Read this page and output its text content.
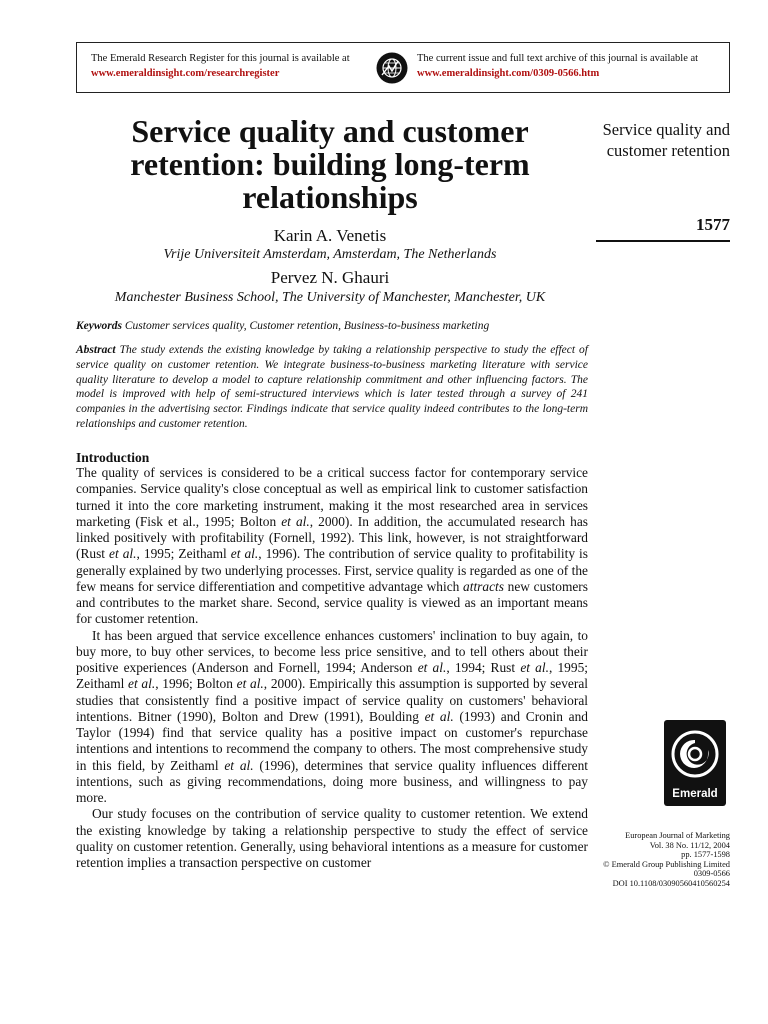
The Emerald Research Register for this journal is available at
www.emeraldinsight.com/researchregister
The current issue and full text archive of this journal is available at
www.emeraldinsight.com/0309-0566.htm
Service quality and customer retention: building long-term relationships
Karin A. Venetis
Vrije Universiteit Amsterdam, Amsterdam, The Netherlands
Pervez N. Ghauri
Manchester Business School, The University of Manchester, Manchester, UK
Service quality and customer retention
1577
Keywords Customer services quality, Customer retention, Business-to-business marketing
Abstract The study extends the existing knowledge by taking a relationship perspective to study the effect of service quality on customer retention. We integrate business-to-business marketing literature with service quality literature to develop a model to capture relationship commitment and other influencing factors. The model is improved with help of semi-structured interviews which is later tested through a survey of 241 companies in the advertising sector. Findings indicate that service quality indeed contributes to the long-term relationships and customer retention.
Introduction

The quality of services is considered to be a critical success factor for contemporary service companies. Service quality's close conceptual as well as empirical link to customer satisfaction turned it into the core marketing instrument, making it the most researched area in services marketing (Fisk et al., 1995; Bolton et al., 2000). In addition, the accumulated research has linked positively with profitability (Fornell, 1992). This link, however, is not straightforward (Rust et al., 1995; Zeithaml et al., 1996). The contribution of service quality to profitability is generally explained by two underlying processes. First, service quality is regarded as one of the few means for service differentiation and competitive advantage which attracts new customers and contributes to the market share. Second, service quality is viewed as an important means for customer retention.

It has been argued that service excellence enhances customers' inclination to buy again, to buy more, to buy other services, to become less price sensitive, and to tell others about their positive experiences (Anderson and Fornell, 1994; Anderson et al., 1994; Rust et al., 1995; Zeithaml et al., 1996; Bolton et al., 2000). Empirically this assumption is supported by several studies that consistently find a positive impact of service quality on customers' behavioral intentions. Bitner (1990), Bolton and Drew (1991), Boulding et al. (1993) and Cronin and Taylor (1994) find that service quality has a positive impact on customer's repurchase intentions and intentions to recommend the company to others. The most comprehensive study in this field, by Zeithaml et al. (1996), determines that service quality influences different intentions, such as giving recommendations, doing more business, and willingness to pay more.

Our study focuses on the contribution of service quality to customer retention. We extend the existing knowledge by taking a relationship perspective to study the effect of service quality on customer retention. Generally, using behavioral intentions as a measure for customer retention implies a transaction perspective on customer

Emerald
European Journal of Marketing
Vol. 38 No. 11/12, 2004
pp. 1577-1598
© Emerald Group Publishing Limited
0309-0566
DOI 10.1108/03090560410560254
